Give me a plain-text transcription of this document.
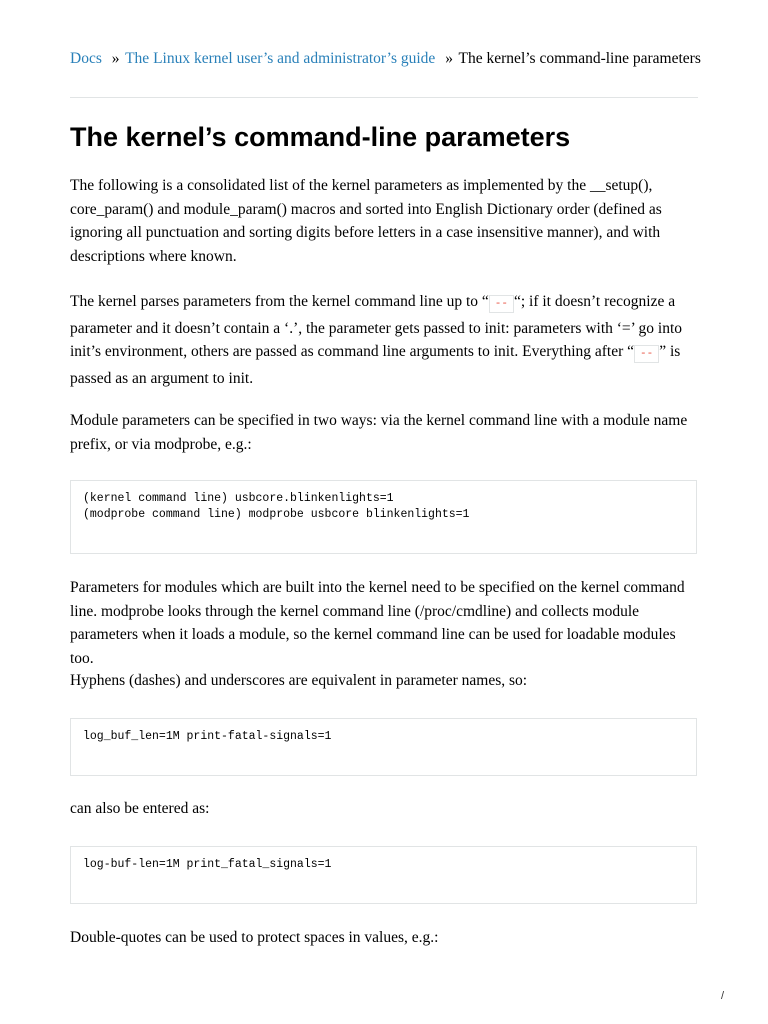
Docs » The Linux kernel user’s and administrator’s guide » The kernel’s command-line parameters
The kernel’s command-line parameters

The following is a consolidated list of the kernel parameters as implemented by the __setup(), core_param() and module_param() macros and sorted into English Dictionary order (defined as ignoring all punctuation and sorting digits before letters in a case insensitive manner), and with descriptions where known.

The kernel parses parameters from the kernel command line up to “ -- “; if it doesn’t recognize a parameter and it doesn’t contain a ‘.’, the parameter gets passed to init: parameters with ‘=’ go into init’s environment, others are passed as command line arguments to init. Everything after “ -- ” is passed as an argument to init.

Module parameters can be specified in two ways: via the kernel command line with a module name prefix, or via modprobe, e.g.:

(kernel command line) usbcore.blinkenlights=1
(modprobe command line) modprobe usbcore blinkenlights=1

Parameters for modules which are built into the kernel need to be specified on the kernel command line. modprobe looks through the kernel command line (/proc/cmdline) and collects module parameters when it loads a module, so the kernel command line can be used for loadable modules too.

Hyphens (dashes) and underscores are equivalent in parameter names, so:

log_buf_len=1M print-fatal-signals=1

can also be entered as:

log-buf-len=1M print_fatal_signals=1

Double-quotes can be used to protect spaces in values, e.g.:

/
